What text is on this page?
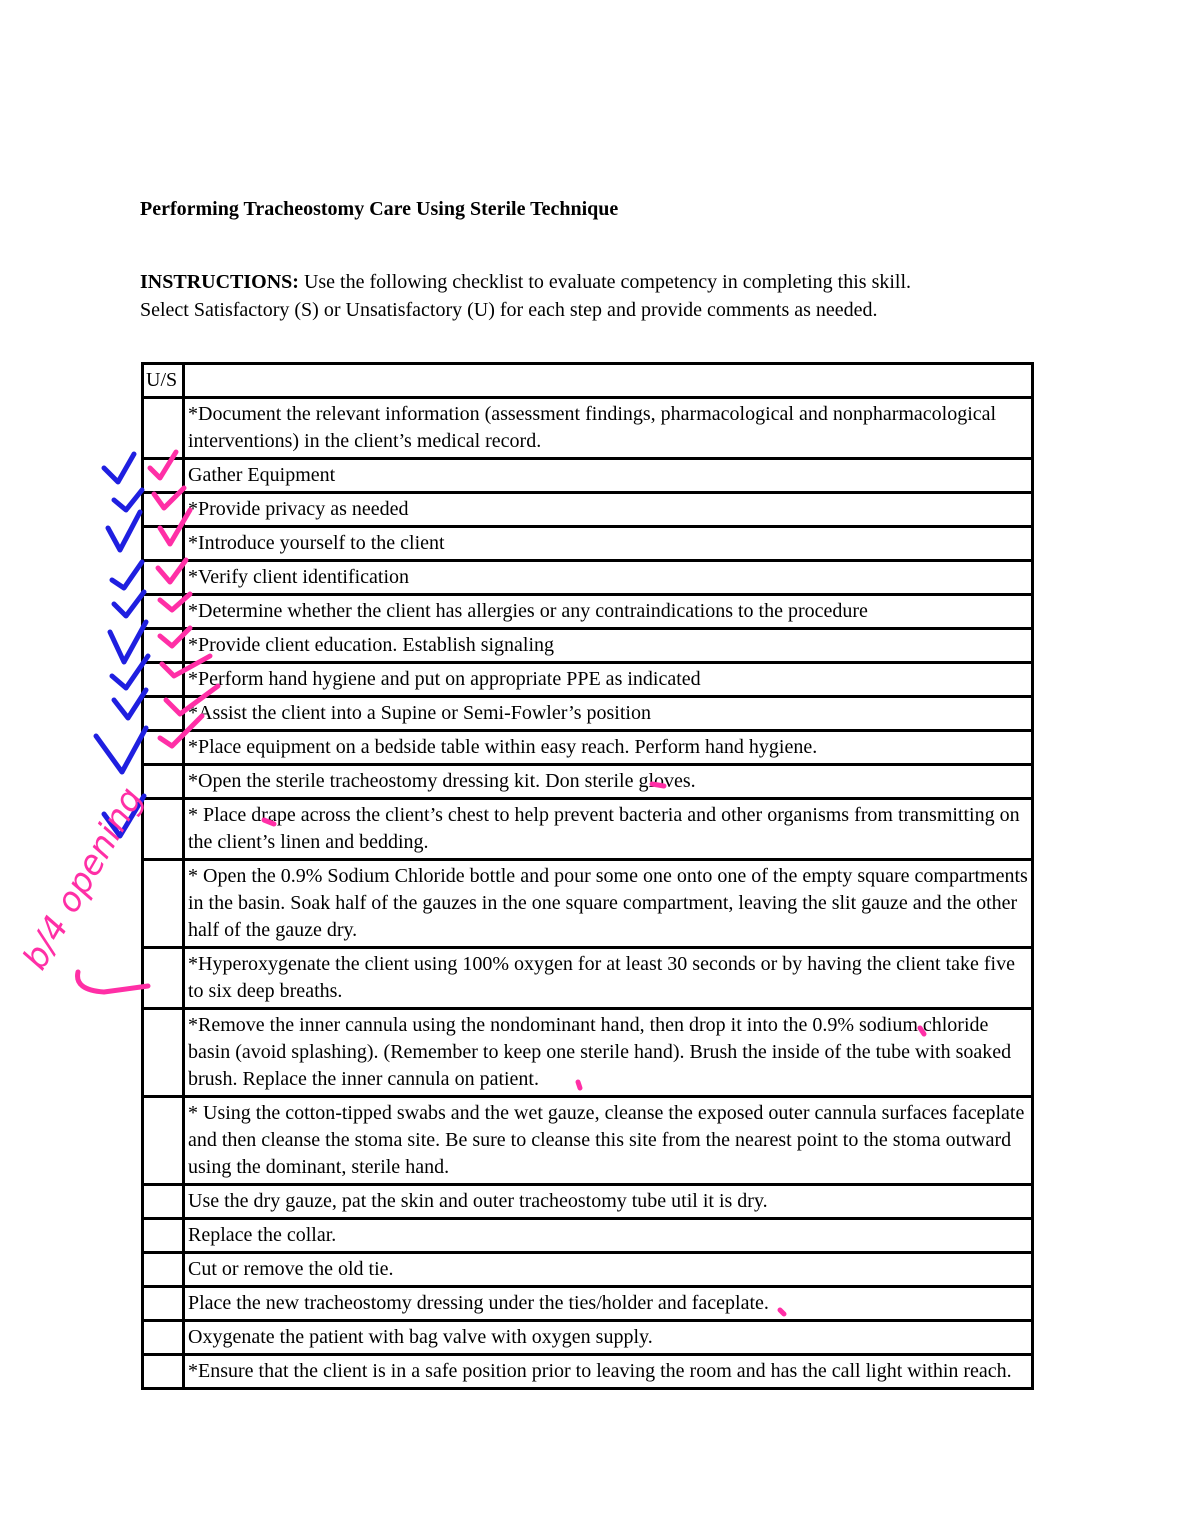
Performing Tracheostomy Care Using Sterile Technique
INSTRUCTIONS: Use the following checklist to evaluate competency in completing this skill.
Select Satisfactory (S) or Unsatisfactory (U) for each step and provide comments as needed.
U/S	
	*Document the relevant information (assessment findings, pharmacological and nonpharmacological interventions) in the client’s medical record.
	Gather Equipment
	*Provide privacy as needed
	*Introduce yourself to the client
	*Verify client identification
	*Determine whether the client has allergies or any contraindications to the procedure
	*Provide client education. Establish signaling
	*Perform hand hygiene and put on appropriate PPE as indicated
	*Assist the client into a Supine or Semi-Fowler’s position
	*Place equipment on a bedside table within easy reach. Perform hand hygiene.
	*Open the sterile tracheostomy dressing kit. Don sterile gloves.
	* Place drape across the client’s chest to help prevent bacteria and other organisms from transmitting on the client’s linen and bedding.
	* Open the 0.9% Sodium Chloride bottle and pour some one onto one of the empty square compartments in the basin. Soak half of the gauzes in the one square compartment, leaving the slit gauze and the other half of the gauze dry.
	*Hyperoxygenate the client using 100% oxygen for at least 30 seconds or by having the client take five to six deep breaths.
	*Remove the inner cannula using the nondominant hand, then drop it into the 0.9% sodium chloride basin (avoid splashing). (Remember to keep one sterile hand). Brush the inside of the tube with soaked brush. Replace the inner cannula on patient.
	* Using the cotton-tipped swabs and the wet gauze, cleanse the exposed outer cannula surfaces faceplate and then cleanse the stoma site. Be sure to cleanse this site from the nearest point to the stoma outward using the dominant, sterile hand.
	Use the dry gauze, pat the skin and outer tracheostomy tube util it is dry.
	Replace the collar.
	Cut or remove the old tie.
	Place the new tracheostomy dressing under the ties/holder and faceplate.
	Oxygenate the patient with bag valve with oxygen supply.
	*Ensure that the client is in a safe position prior to leaving the room and has the call light within reach.
b/4 opening
